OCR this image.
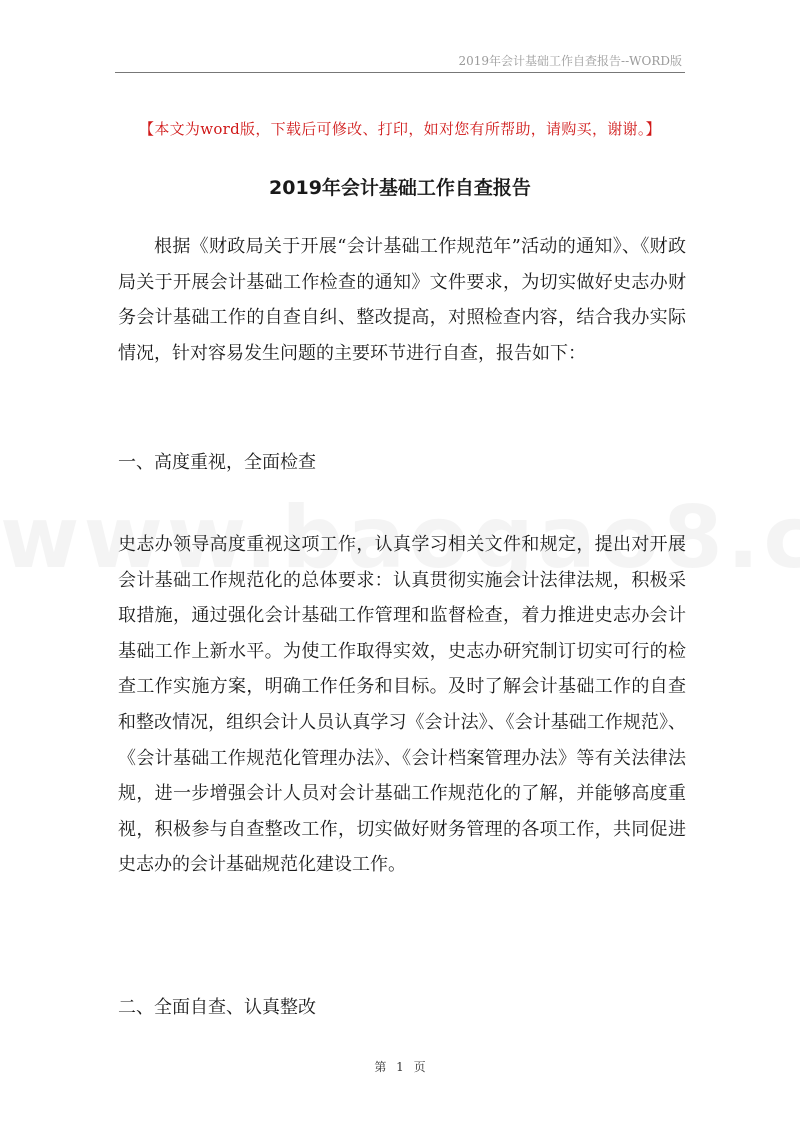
2019年会计基础工作自查报告--WORD版
【本文为word版，下载后可修改、打印，如对您有所帮助，请购买，谢谢。】
2019年会计基础工作自查报告

根据《财政局关于开展“会计基础工作规范年”活动的通知》、《财政局关于开展会计基础工作检查的通知》文件要求，为切实做好史志办财务会计基础工作的自查自纠、整改提高，对照检查内容，结合我办实际情况，针对容易发生问题的主要环节进行自查，报告如下：

一、高度重视，全面检查

史志办领导高度重视这项工作，认真学习相关文件和规定，提出对开展会计基础工作规范化的总体要求：认真贯彻实施会计法律法规，积极采取措施，通过强化会计基础工作管理和监督检查，着力推进史志办会计基础工作上新水平。为使工作取得实效，史志办研究制订切实可行的检查工作实施方案，明确工作任务和目标。及时了解会计基础工作的自查和整改情况，组织会计人员认真学习《会计法》、《会计基础工作规范》、《会计基础工作规范化管理办法》、《会计档案管理办法》等有关法律法规，进一步增强会计人员对会计基础工作规范化的了解，并能够高度重视，积极参与自查整改工作，切实做好财务管理的各项工作，共同促进史志办的会计基础规范化建设工作。

二、全面自查、认真整改
第 1 页
